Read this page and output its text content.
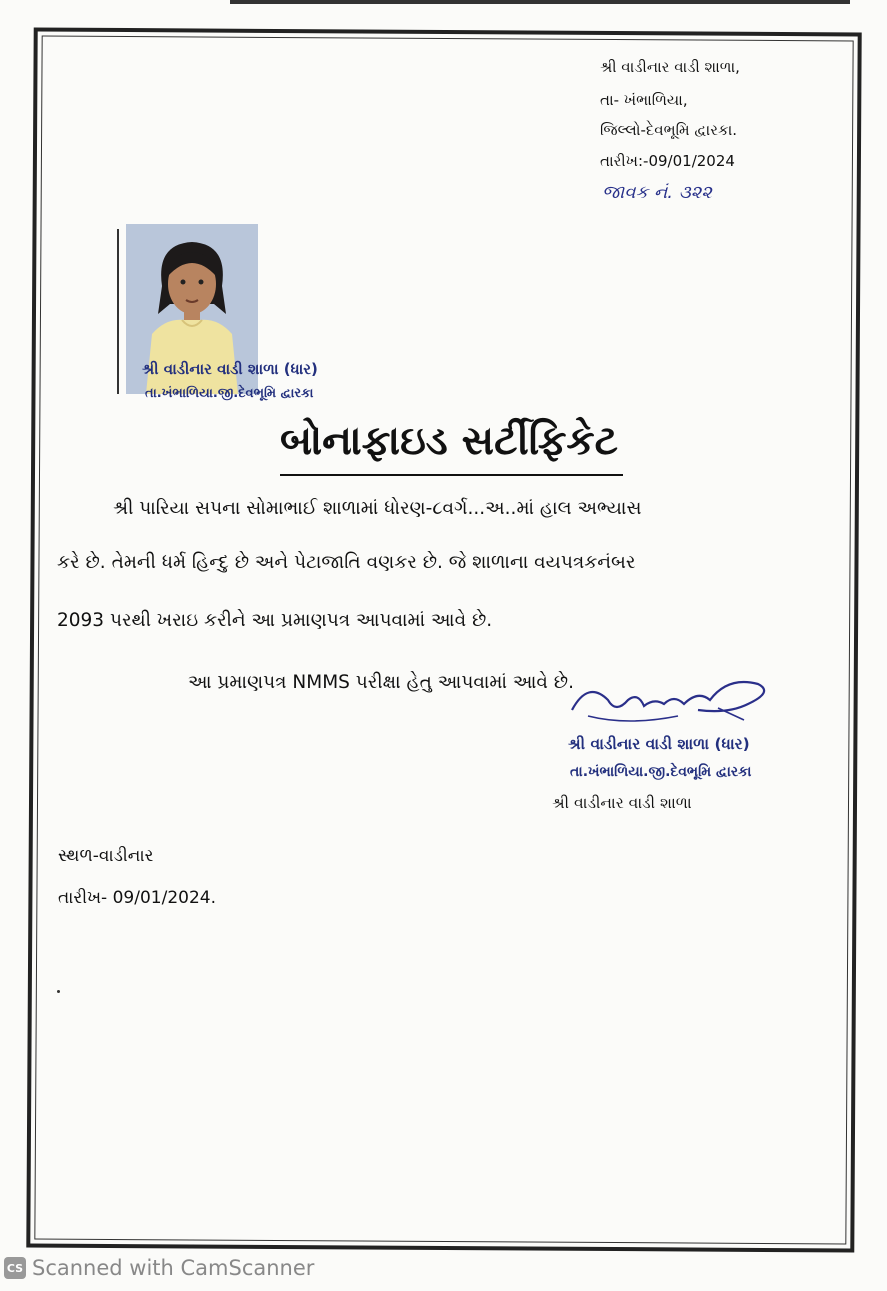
શ્રી વાડીનાર વાડી શાળા,
તા- ખંભાળિયા,
જિલ્લો-દેવભૂમિ દ્વારકા.
તારીખ:-09/01/2024
જાવક નં. ૩૨૨
શ્રી વાડીનાર વાડી શાળા (ધાર)
તા.ખંભાળિયા.જી.દેવભૂમિ દ્વારકા
બોનાફાઇડ સર્ટીફિકેટ
શ્રી પારિયા સપના સોમાભાઈ શાળામાં ધોરણ-૮વર્ગ...અ..માં હાલ અભ્યાસ
કરે છે. તેમની ધર્મ હિન્દુ છે અને પેટાજાતિ વણકર છે. જે શાળાના વયપત્રકનંબર
2093 પરથી ખરાઇ કરીને આ પ્રમાણપત્ર આપવામાં આવે છે.
આ પ્રમાણપત્ર NMMS પરીક્ષા હેતુ આપવામાં આવે છે.
શ્રી વાડીનાર વાડી શાળા (ધાર)
તા.ખંભાળિયા.જી.દેવભૂમિ દ્વારકા
શ્રી વાડીનાર વાડી શાળા
સ્થળ-વાડીનાર
તારીખ- 09/01/2024.
CS Scanned with CamScanner
